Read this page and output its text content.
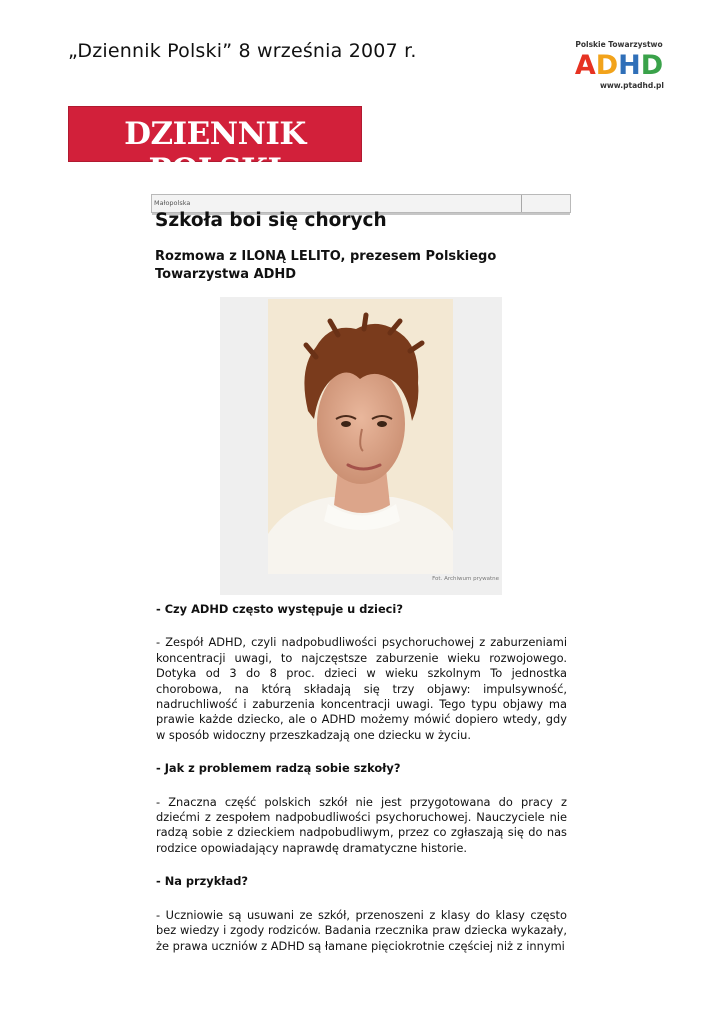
„Dziennik Polski” 8 września 2007 r.	Polskie Towarzystwo
A D H D
www.ptadhd.pl
DZIENNIK POLSKI
Małopolska
Szkoła boi się chorych
Rozmowa z ILONĄ LELITO, prezesem Polskiego Towarzystwa ADHD
Fot. Archiwum prywatne

- Czy ADHD często występuje u dzieci?

- Zespół ADHD, czyli nadpobudliwości psychoruchowej z zaburzeniami koncentracji uwagi, to najczęstsze zaburzenie wieku rozwojowego. Dotyka od 3 do 8 proc. dzieci w wieku szkolnym To jednostka chorobowa, na którą składają się trzy objawy: impulsywność, nadruchliwość i zaburzenia koncentracji uwagi. Tego typu objawy ma prawie każde dziecko, ale o ADHD możemy mówić dopiero wtedy, gdy w sposób widoczny przeszkadzają one dziecku w życiu.

- Jak z problemem radzą sobie szkoły?

- Znaczna część polskich szkół nie jest przygotowana do pracy z dziećmi z zespołem nadpobudliwości psychoruchowej. Nauczyciele nie radzą sobie z dzieckiem nadpobudliwym, przez co zgłaszają się do nas rodzice opowiadający naprawdę dramatyczne historie.

- Na przykład?

- Uczniowie są usuwani ze szkół, przenoszeni z klasy do klasy często bez wiedzy i zgody rodziców. Badania rzecznika praw dziecka wykazały, że prawa uczniów z ADHD są łamane pięciokrotnie częściej niż z innymi
